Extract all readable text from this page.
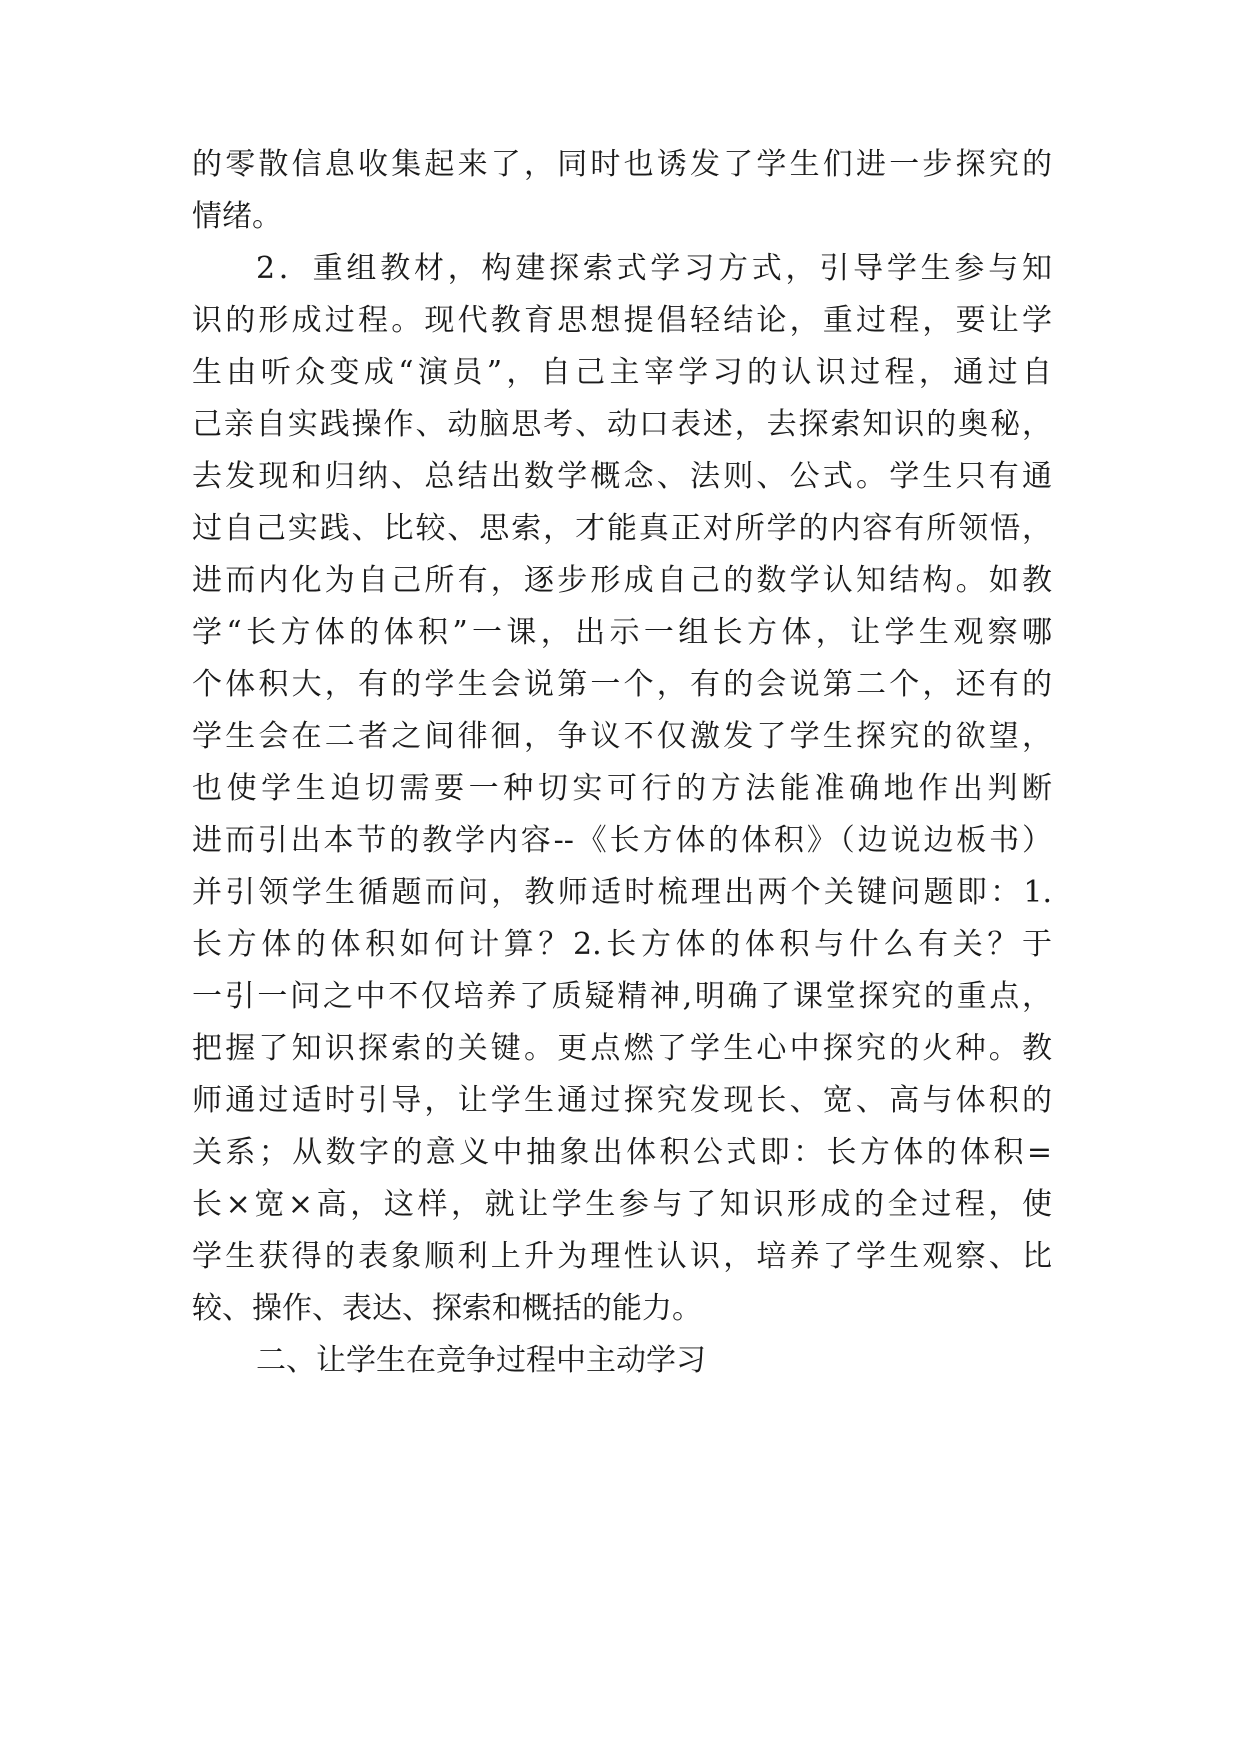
的零散信息收集起来了，同时也诱发了学生们进一步探究的
情绪。
2．重组教材，构建探索式学习方式，引导学生参与知
识的形成过程。现代教育思想提倡轻结论，重过程，要让学
生由听众变成“演员”，自己主宰学习的认识过程，通过自
己亲自实践操作、动脑思考、动口表述，去探索知识的奥秘，
去发现和归纳、总结出数学概念、法则、公式。学生只有通
过自己实践、比较、思索，才能真正对所学的内容有所领悟，
进而内化为自己所有，逐步形成自己的数学认知结构。如教
学“长方体的体积”一课，出示一组长方体，让学生观察哪
个体积大，有的学生会说第一个，有的会说第二个，还有的
学生会在二者之间徘徊，争议不仅激发了学生探究的欲望，
也使学生迫切需要一种切实可行的方法能准确地作出判断
进而引出本节的教学内容--《长方体的体积》（边说边板书）
并引领学生循题而问，教师适时梳理出两个关键问题即：1.
长方体的体积如何计算？2.长方体的体积与什么有关？于
一引一问之中不仅培养了质疑精神,明确了课堂探究的重点，
把握了知识探索的关键。更点燃了学生心中探究的火种。教
师通过适时引导，让学生通过探究发现长、宽、高与体积的
关系；从数字的意义中抽象出体积公式即：长方体的体积=
长×宽×高，这样，就让学生参与了知识形成的全过程，使
学生获得的表象顺利上升为理性认识，培养了学生观察、比
较、操作、表达、探索和概括的能力。
二、让学生在竞争过程中主动学习
